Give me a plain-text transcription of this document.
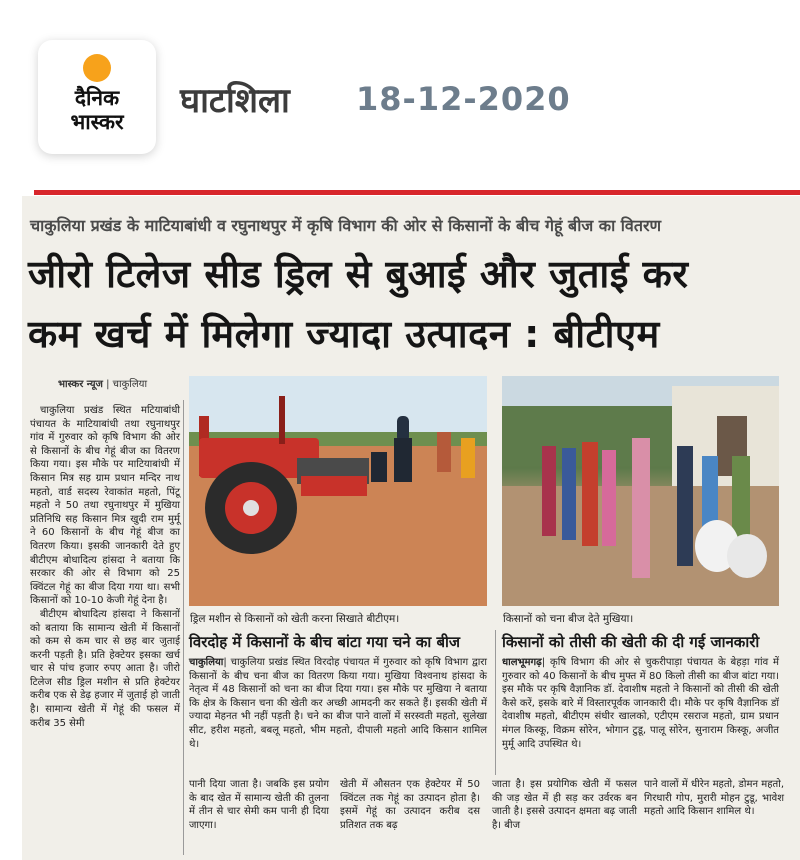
दैनिक
भास्कर
घाटशिला 18-12-2020
चाकुलिया प्रखंड के माटियाबांधी व रघुनाथपुर में कृषि विभाग की ओर से किसानों के बीच गेहूं बीज का वितरण
जीरो टिलेज सीड ड्रिल से बुआई और जुताई कर
कम खर्च में मिलेगा ज्यादा उत्पादन : बीटीएम
भास्कर न्यूज | चाकुलिया

चाकुलिया प्रखंड स्थित मटियाबांधी पंचायत के माटियाबांधी तथा रघुनाथपुर गांव में गुरुवार को कृषि विभाग की ओर से किसानों के बीच गेहूं बीज का वितरण किया गया। इस मौके पर माटियाबांधी में किसान मित्र सह ग्राम प्रधान मन्दिर नाथ महतो, वार्ड सदस्य रेवाकांत महतो, पिंटू महतो ने 50 तथा रघुनाथपुर में मुखिया प्रतिनिधि सह किसान मित्र खुदी राम मुर्मू ने 60 किसानों के बीच गेहूं बीज का वितरण किया। इसकी जानकारी देते हुए बीटीएम बोधादित्य हांसदा ने बताया कि सरकार की ओर से विभाग को 25 क्विंटल गेहूं का बीज दिया गया था। सभी किसानों को 10-10 केजी गेहूं देना है।

बीटीएम बोधादित्य हांसदा ने किसानों को बताया कि सामान्य खेती में किसानों को कम से कम चार से छह बार जुताई करनी पड़ती है। प्रति हेक्टेयर इसका खर्च चार से पांच हजार रुपए आता है। जीरो टिलेज सीड ड्रिल मशीन से प्रति हेक्टेयर करीब एक से डेढ़ हजार में जुताई हो जाती है। सामान्य खेती में गेहूं की फसल में करीब 35 सेमी

ड्रिल मशीन से किसानों को खेती करना सिखाते बीटीएम।	किसानों को चना बीज देते मुखिया।
विरदोह में किसानों के बीच बांटा गया चने का बीज
चाकुलिया| चाकुलिया प्रखंड स्थित विरदोह पंचायत में गुरुवार को कृषि विभाग द्वारा किसानों के बीच चना बीज का वितरण किया गया। मुखिया विश्वनाथ हांसदा के नेतृत्व में 48 किसानों को चना का बीज दिया गया। इस मौके पर मुखिया ने बताया कि क्षेत्र के किसान चना की खेती कर अच्छी आमदनी कर सकते हैं। इसकी खेती में ज्यादा मेहनत भी नहीं पड़ती है। चने का बीज पाने वालों में सरस्वती महतो, सुलेखा सीट, हरीश महतो, बबलू महतो, भीम महतो, दीपाली महतो आदि किसान शामिल थे।
किसानों को तीसी की खेती की दी गई जानकारी
धालभूमगढ़| कृषि विभाग की ओर से चुकरीपाड़ा पंचायत के बेहड़ा गांव में गुरुवार को 40 किसानों के बीच मुफ्त में 80 किलो तीसी का बीज बांटा गया। इस मौके पर कृषि वैज्ञानिक डॉ. देवाशीष महतो ने किसानों को तीसी की खेती कैसे करें, इसके बारे में विस्तारपूर्वक जानकारी दी। मौके पर कृषि वैज्ञानिक डॉ देवाशीष महतो, बीटीएम संधीर खालको, एटीएम रसराज महतो, ग्राम प्रधान मंगल किस्कू, विक्रम सोरेन, भोगान टुडू, पालू सोरेन, सुनाराम किस्कू, अजीत मुर्मू आदि उपस्थित थे।
पानी दिया जाता है। जबकि इस प्रयोग के बाद खेत में सामान्य खेती की तुलना में तीन से चार सेमी कम पानी ही दिया जाएगा।
खेती में औसतन एक हेक्टेयर में 50 क्विंटल तक गेहूं का उत्पादन होता है। इसमें गेहूं का उत्पादन करीब दस प्रतिशत तक बढ़
जाता है। इस प्रयोगिक खेती में फसल की जड़ खेत में ही सड़ कर उर्वरक बन जाती है। इससे उत्पादन क्षमता बढ़ जाती है। बीज
पाने वालों में धीरेन महतो, डोमन महतो, गिरधारी गोप, मुरारी मोहन टुडू, भावेश महतो आदि किसान शामिल थे।
